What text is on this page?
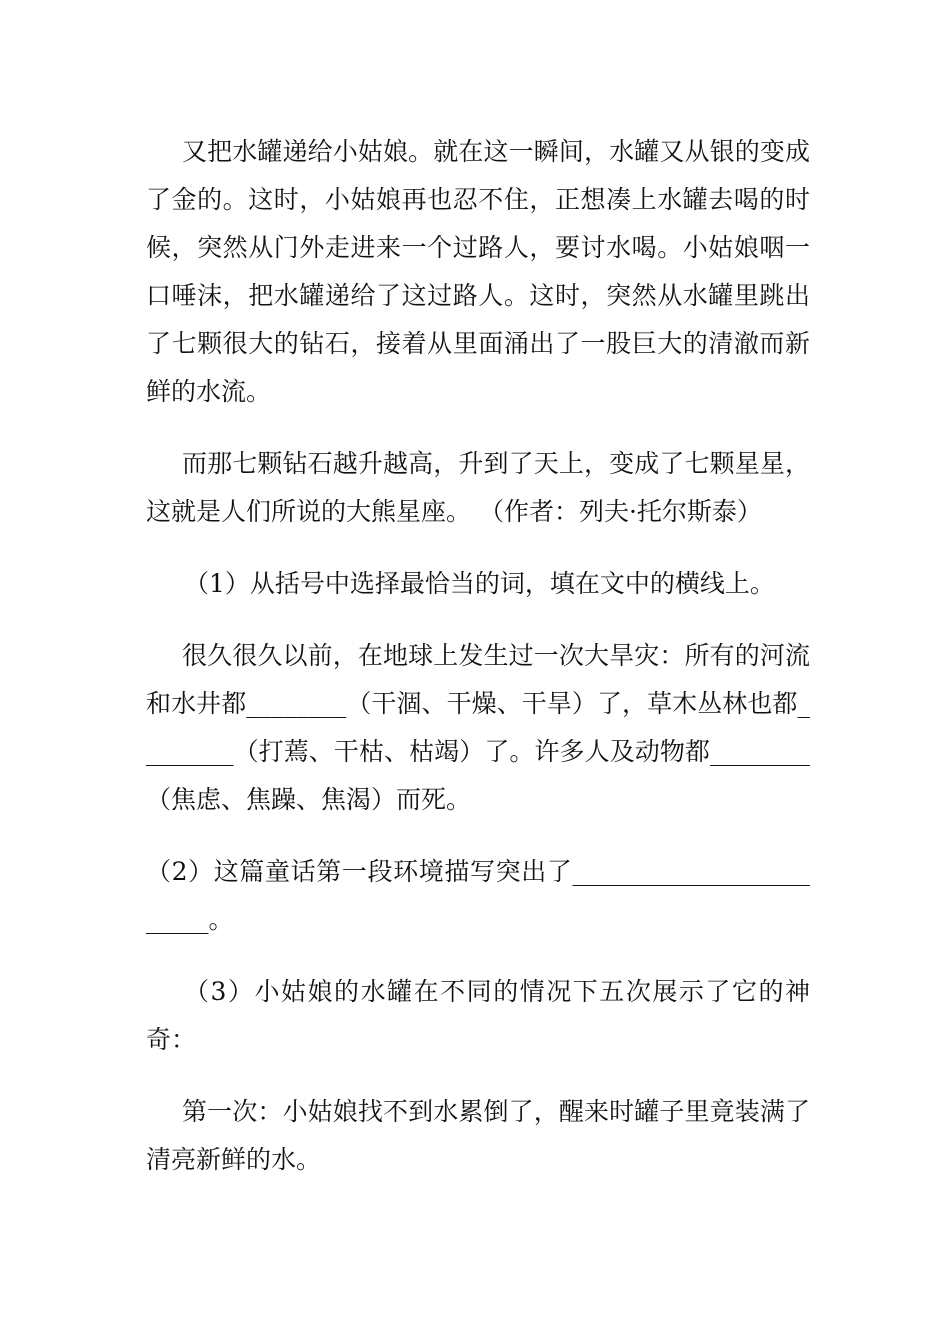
又把水罐递给小姑娘。就在这一瞬间，水罐又从银的变成了金的。这时，小姑娘再也忍不住，正想凑上水罐去喝的时候，突然从门外走进来一个过路人，要讨水喝。小姑娘咽一口唾沫，把水罐递给了这过路人。这时，突然从水罐里跳出了七颗很大的钻石，接着从里面涌出了一股巨大的清澈而新鲜的水流。

而那七颗钻石越升越高，升到了天上，变成了七颗星星，这就是人们所说的大熊星座。 （作者：列夫·托尔斯泰）

（1）从括号中选择最恰当的词，填在文中的横线上。

很久很久以前，在地球上发生过一次大旱灾：所有的河流和水井都________（干涸、干燥、干旱）了，草木丛林也都________（打蔫、干枯、枯竭）了。许多人及动物都________（焦虑、焦躁、焦渴）而死。

（2）这篇童话第一段环境描写突出了________________________。

（3）小姑娘的水罐在不同的情况下五次展示了它的神奇：

第一次：小姑娘找不到水累倒了，醒来时罐子里竟装满了清亮新鲜的水。
